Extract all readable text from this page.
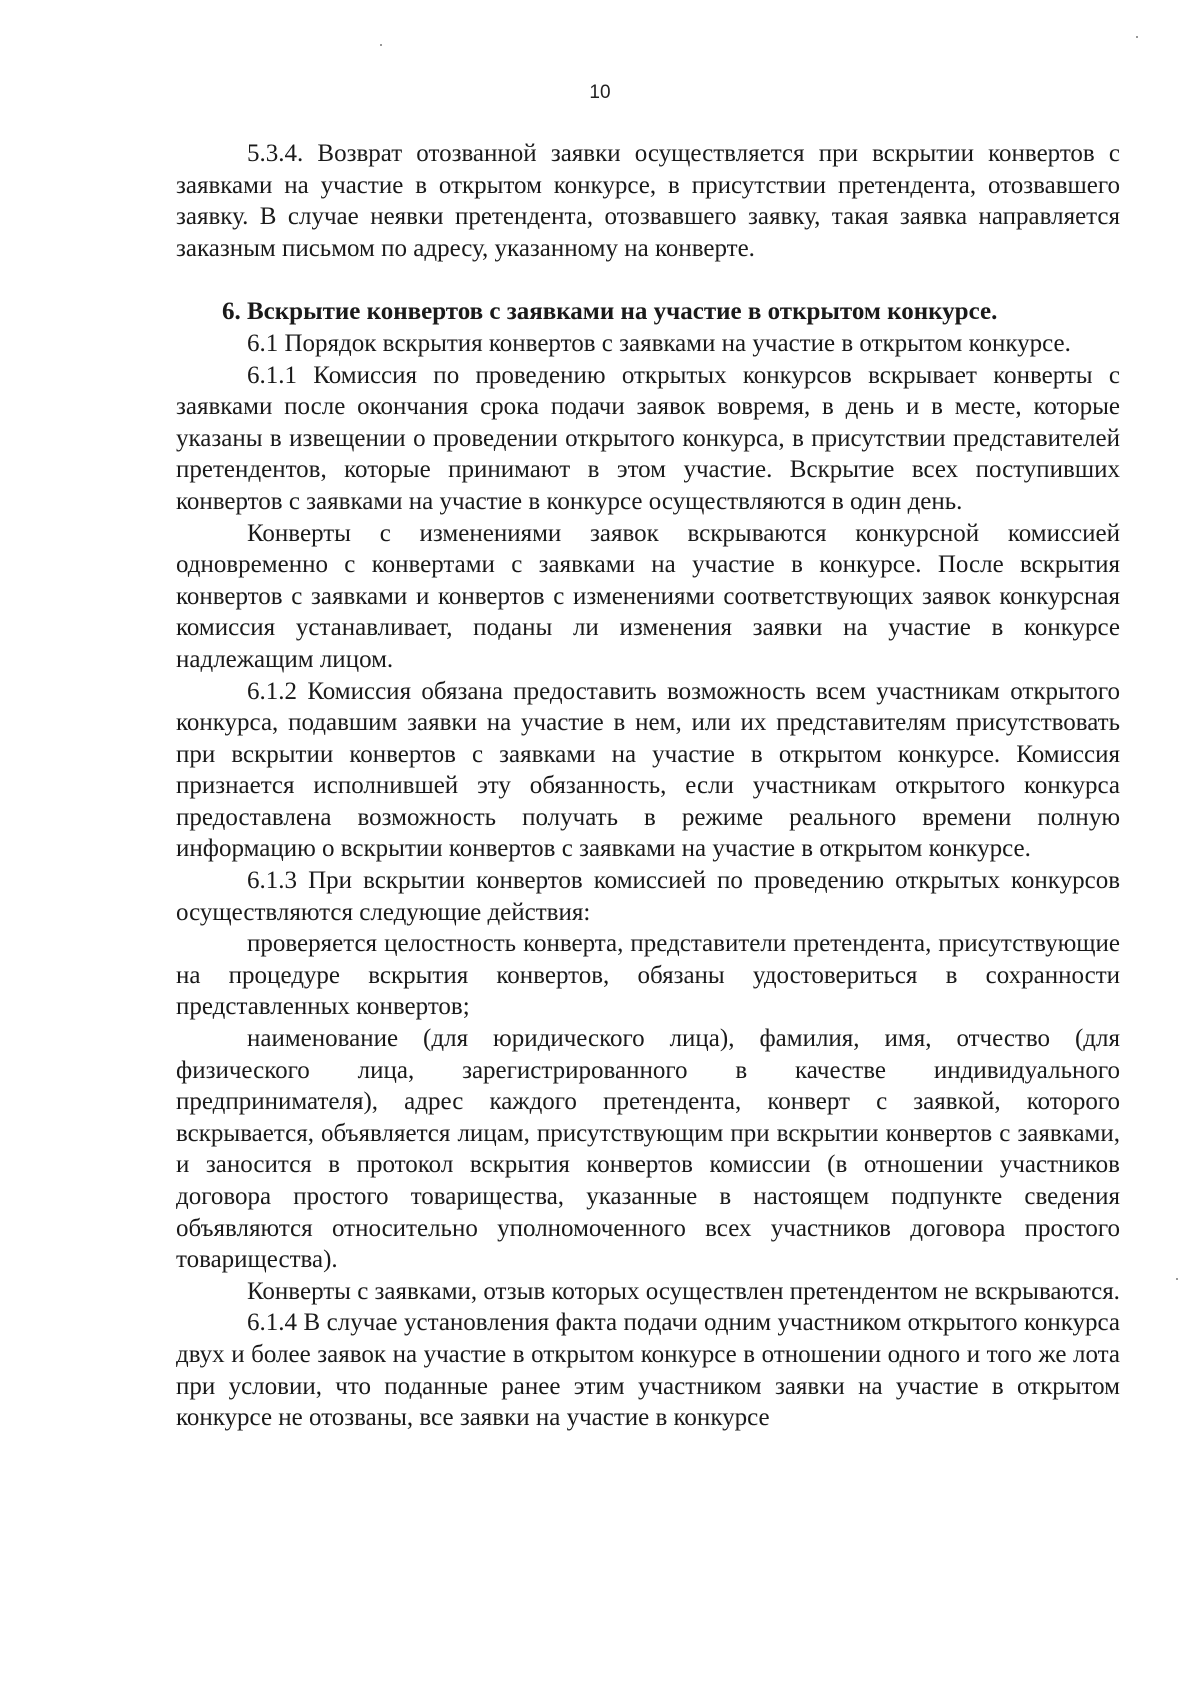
10

5.3.4. Возврат отозванной заявки осуществляется при вскрытии конвертов с заявками на участие в открытом конкурсе, в присутствии претендента, отозвавшего заявку. В случае неявки претендента, отозвавшего заявку, такая заявка направляется заказным письмом по адресу, указанному на конверте.

6. Вскрытие конвертов с заявками на участие в открытом конкурсе.

6.1 Порядок вскрытия конвертов с заявками на участие в открытом конкурсе.

6.1.1 Комиссия по проведению открытых конкурсов вскрывает конверты с заявками после окончания срока подачи заявок вовремя, в день и в месте, которые указаны в извещении о проведении открытого конкурса, в присутствии представителей претендентов, которые принимают в этом участие. Вскрытие всех поступивших конвертов с заявками на участие в конкурсе осуществляются в один день.

Конверты с изменениями заявок вскрываются конкурсной комиссией одновременно с конвертами с заявками на участие в конкурсе. После вскрытия конвертов с заявками и конвертов с изменениями соответствующих заявок конкурсная комиссия устанавливает, поданы ли изменения заявки на участие в конкурсе надлежащим лицом.

6.1.2 Комиссия обязана предоставить возможность всем участникам открытого конкурса, подавшим заявки на участие в нем, или их представителям присутствовать при вскрытии конвертов с заявками на участие в открытом конкурсе. Комиссия признается исполнившей эту обязанность, если участникам открытого конкурса предоставлена возможность получать в режиме реального времени полную информацию о вскрытии конвертов с заявками на участие в открытом конкурсе.

6.1.3 При вскрытии конвертов комиссией по проведению открытых конкурсов осуществляются следующие действия:

проверяется целостность конверта, представители претендента, присутствующие на процедуре вскрытия конвертов, обязаны удостовериться в сохранности представленных конвертов;

наименование (для юридического лица), фамилия, имя, отчество (для физического лица, зарегистрированного в качестве индивидуального предпринимателя), адрес каждого претендента, конверт с заявкой, которого вскрывается, объявляется лицам, присутствующим при вскрытии конвертов с заявками, и заносится в протокол вскрытия конвертов комиссии (в отношении участников договора простого товарищества, указанные в настоящем подпункте сведения объявляются относительно уполномоченного всех участников договора простого товарищества).

Конверты с заявками, отзыв которых осуществлен претендентом не вскрываются.

6.1.4 В случае установления факта подачи одним участником открытого конкурса двух и более заявок на участие в открытом конкурсе в отношении одного и того же лота при условии, что поданные ранее этим участником заявки на участие в открытом конкурсе не отозваны, все заявки на участие в конкурсе
